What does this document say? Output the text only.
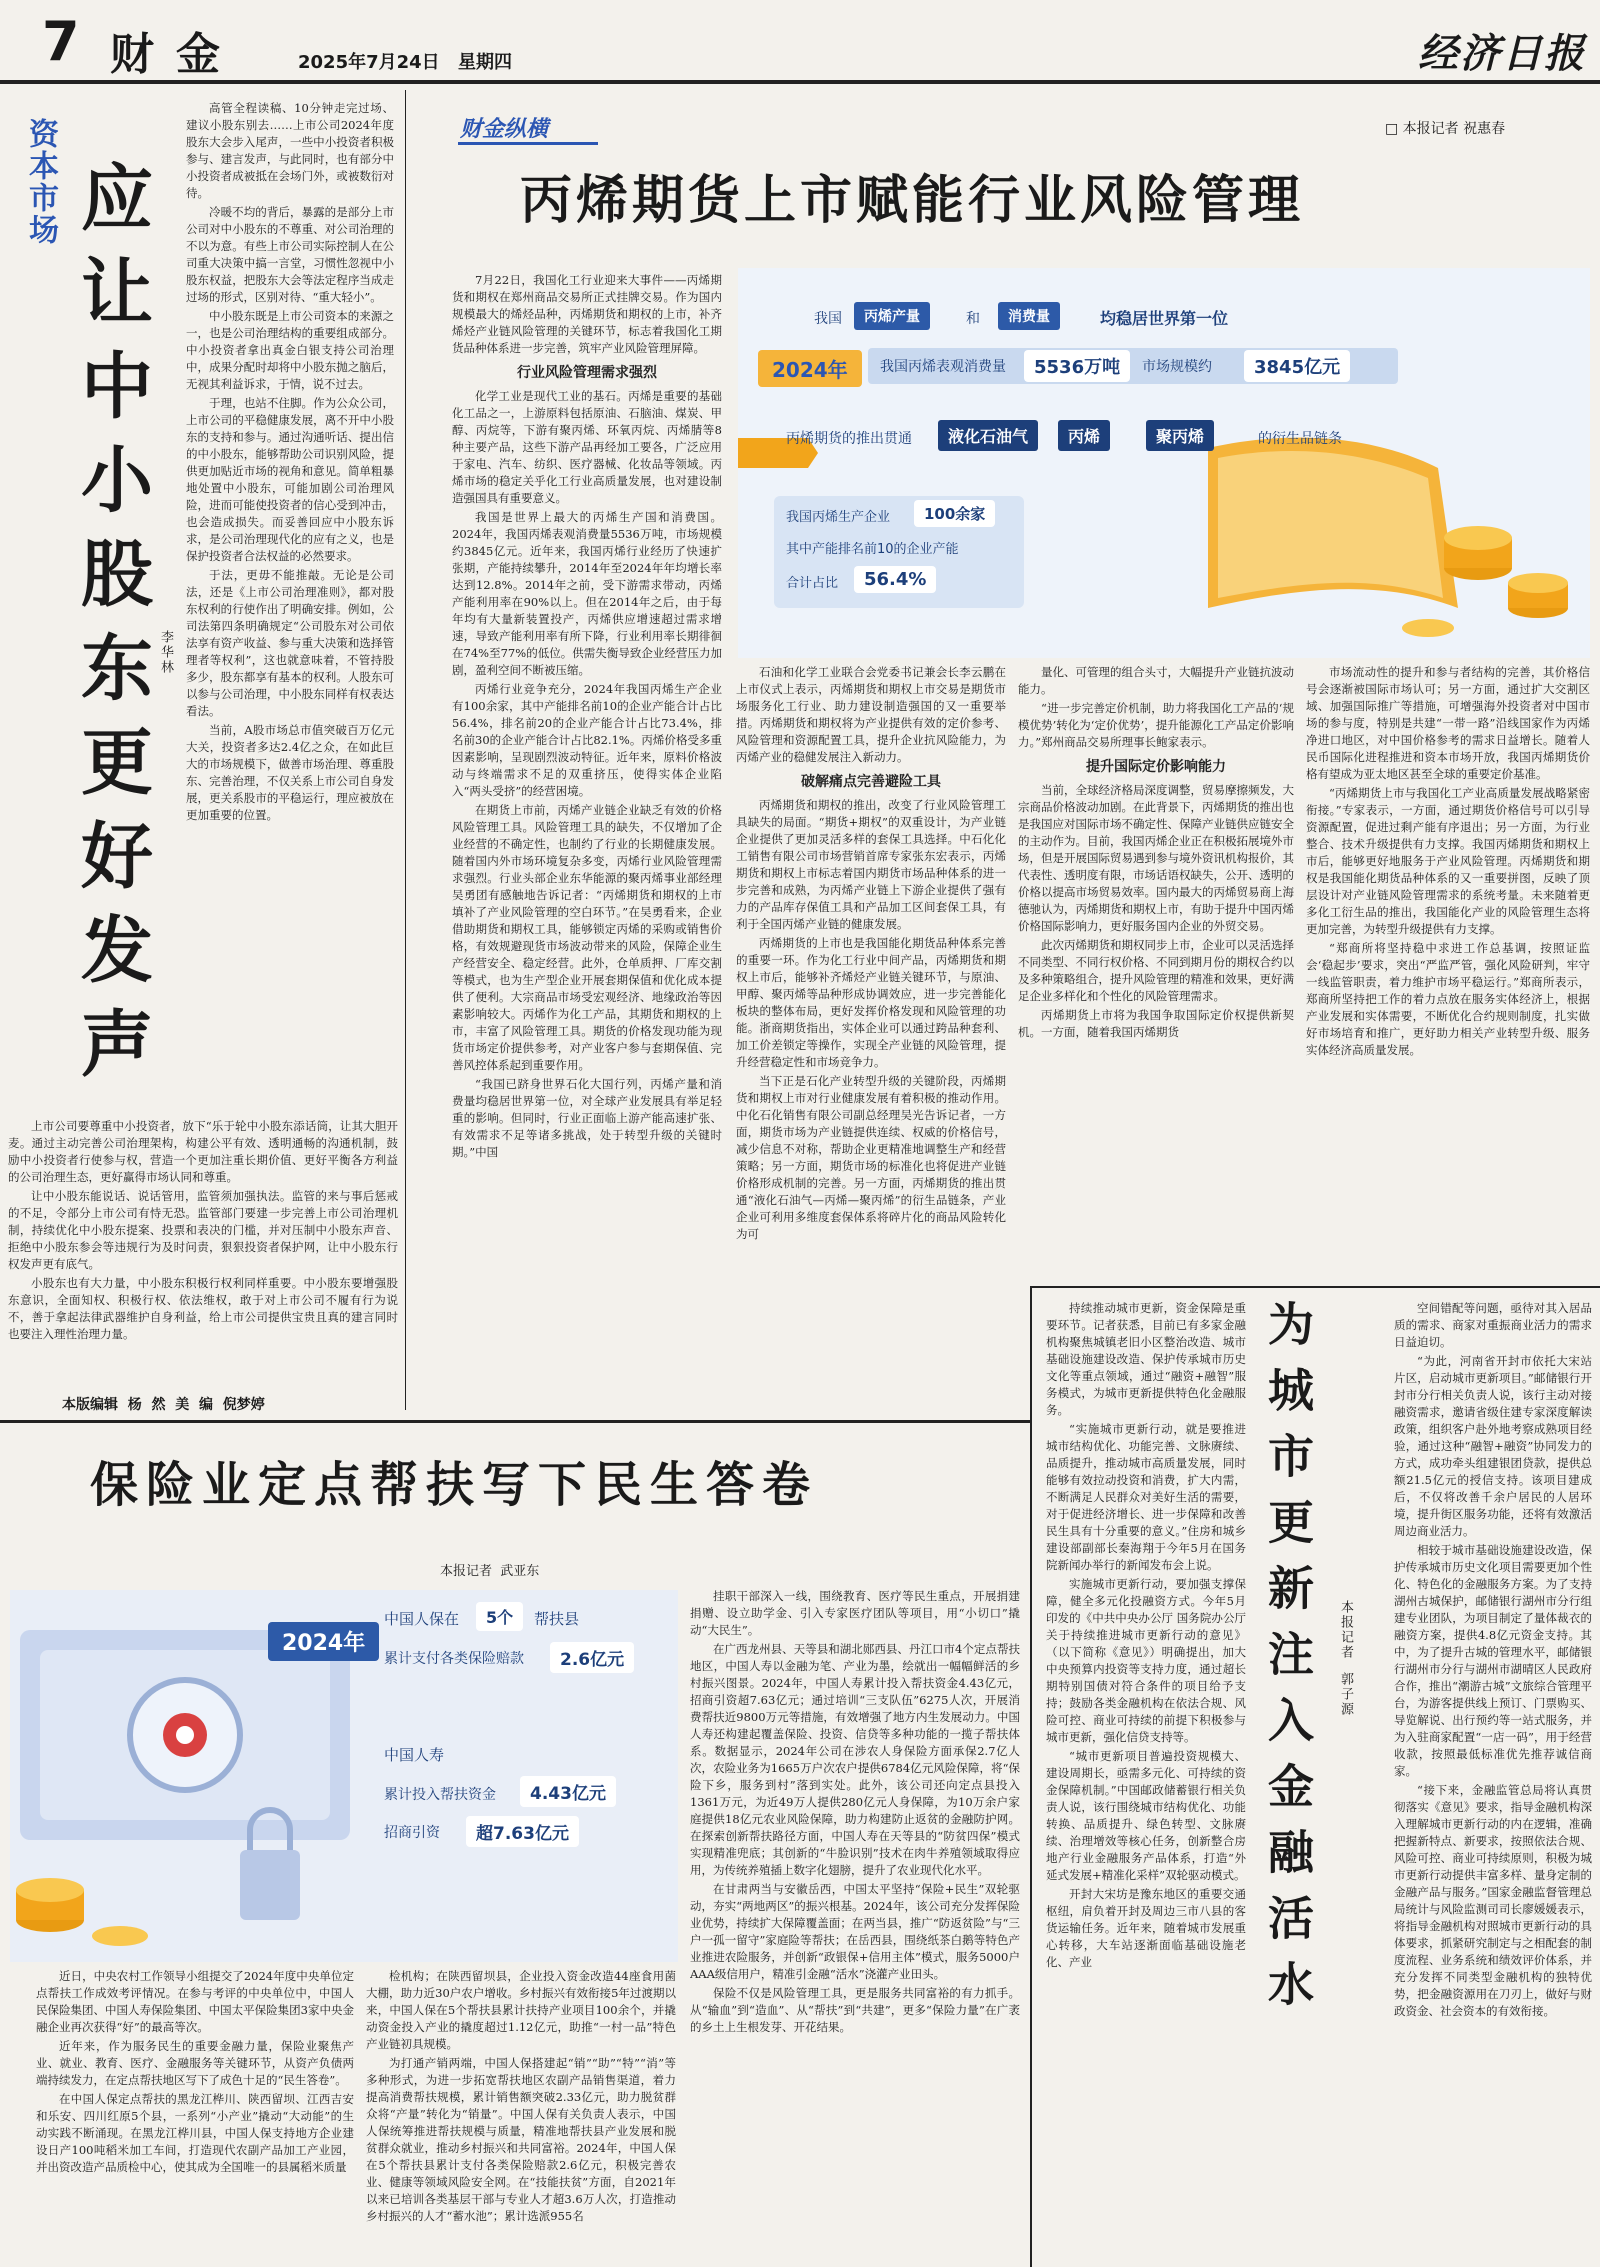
7 财金	2025年7月24日 星期四	经济日报
资本市场 应让中小股东更好发声 李华林

高管全程读稿、10分钟走完过场、建议小股东别去……上市公司2024年度股东大会步入尾声，一些中小投资者积极参与、建言发声，与此同时，也有部分中小投资者成被抵在会场门外，或被数衍对待。

冷暖不均的背后，暴露的是部分上市公司对中小股东的不尊重、对公司治理的不以为意。有些上市公司实际控制人在公司重大决策中搞一言堂，习惯性忽视中小股东权益，把股东大会等法定程序当成走过场的形式，区别对待、“重大轻小”。

中小股东既是上市公司资本的来源之一，也是公司治理结构的重要组成部分。中小投资者拿出真金白银支持公司治理中，成果分配时却将中小股东抛之脑后，无视其利益诉求，于情，说不过去。

于理，也站不住脚。作为公众公司，上市公司的平稳健康发展，离不开中小股东的支持和参与。通过沟通听话、提出信的中小股东，能够帮助公司识别风险，提供更加贴近市场的视角和意见。简单粗暴地处置中小股东，可能加剧公司治理风险，进而可能使投资者的信心受到冲击，也会造成损失。而妥善回应中小股东诉求，是公司治理现代化的应有之义，也是保护投资者合法权益的必然要求。

于法，更毋不能推敲。无论是公司法，还是《上市公司治理准则》，都对股东权利的行使作出了明确安排。例如，公司法第四条明确规定“公司股东对公司依法享有资产收益、参与重大决策和选择管理者等权利”，这也就意味着，不管持股多少，股东都享有基本的权利。人股东可以参与公司治理，中小股东同样有权表达看法。

当前，A股市场总市值突破百万亿元大关，投资者多达2.4亿之众，在如此巨大的市场规模下，做善市场治理、尊重股东、完善治理，不仅关系上市公司自身发展，更关系股市的平稳运行，理应被放在更加重要的位置。

上市公司要尊重中小投资者，放下“乐于轮中小股东添话筒，让其大胆开麦。通过主动完善公司治理架构，构建公平有效、透明通畅的沟通机制，鼓励中小投资者行使参与权，营造一个更加注重长期价值、更好平衡各方利益的公司治理生态，更好赢得市场认同和尊重。

让中小股东能说话、说话管用，监管须加强执法。监管的来与事后惩戒的不足，令部分上市公司有恃无恐。监管部门要建一步完善上市公司治理机制，持续优化中小股东提案、投票和表决的门槛，并对压制中小股东声音、拒绝中小股东参会等违规行为及时问责，狠狠投资者保护网，让中小股东行权发声更有底气。

小股东也有大力量，中小股东积极行权利同样重要。中小股东要增强股东意识，全面知权、积极行权、依法维权，敢于对上市公司不履有行为说不，善于拿起法律武器维护自身利益，给上市公司提供宝贵且真的建言同时也要注入理性治理力量。

本版编辑  杨  然  美  编  倪梦婷
财金纵横	□ 本报记者 祝惠春
丙烯期货上市赋能行业风险管理
我国	丙烯产量	和	消费量	均稳居世界第一位
2024年	我国丙烯表观消费量	5536万吨	市场规模约	3845亿元
丙烯期货的推出贯通	液化石油气	丙烯	聚丙烯	的衍生品链条
我国丙烯生产企业	100余家
其中产能排名前10的企业产能
合计占比	56.4%

7月22日，我国化工行业迎来大事件——丙烯期货和期权在郑州商品交易所正式挂牌交易。作为国内规模最大的烯烃品种，丙烯期货和期权的上市，补齐烯烃产业链风险管理的关键环节，标志着我国化工期货品种体系进一步完善，筑牢产业风险管理屏障。

行业风险管理需求强烈

化学工业是现代工业的基石。丙烯是重要的基础化工品之一，上游原料包括原油、石脑油、煤炭、甲醇、丙烷等，下游有聚丙烯、环氧丙烷、丙烯腈等8种主要产品，这些下游产品再经加工要各，广泛应用于家电、汽车、纺织、医疗器械、化妆品等领域。丙烯市场的稳定关乎化工行业高质量发展，也对建设制造强国具有重要意义。

我国是世界上最大的丙烯生产国和消费国。2024年，我国丙烯表观消费量5536万吨，市场规模约3845亿元。近年来，我国丙烯行业经历了快速扩张期，产能持续攀升，2014年至2024年年均增长率达到12.8%。2014年之前，受下游需求带动，丙烯产能利用率在90%以上。但在2014年之后，由于每年均有大量新装置投产，丙烯供应增速超过需求增速，导致产能利用率有所下降，行业利用率长期徘徊在74%至77%的低位。供需失衡导致企业经营压力加剧，盈利空间不断被压缩。

丙烯行业竞争充分，2024年我国丙烯生产企业有100余家，其中产能排名前10的企业产能合计占比56.4%，排名前20的企业产能合计占比73.4%，排名前30的企业产能合计占比82.1%。丙烯价格受多重因素影响，呈现剧烈波动特征。近年来，原料价格波动与终端需求不足的双重挤压，使得实体企业陷入“两头受挤”的经营困境。

在期货上市前，丙烯产业链企业缺乏有效的价格风险管理工具。风险管理工具的缺失，不仅增加了企业经营的不确定性，也制约了行业的长期健康发展。随着国内外市场环境复杂多变，丙烯行业风险管理需求强烈。行业头部企业东华能源的聚丙烯事业部经理吴勇团有感触地告诉记者：“丙烯期货和期权的上市填补了产业风险管理的空白环节。”在吴勇看来，企业借助期货和期权工具，能够锁定丙烯的采购或销售价格，有效规避现货市场波动带来的风险，保障企业生产经营安全、稳定经营。此外，仓单质押、厂库交割等模式，也为生产型企业开展套期保值和优化成本提供了便利。大宗商品市场受宏观经济、地缘政治等因素影响较大。丙烯作为化工产品，其期货和期权的上市，丰富了风险管理工具。期货的价格发现功能为现货市场定价提供参考，对产业客户参与套期保值、完善风控体系起到重要作用。

“我国已跻身世界石化大国行列，丙烯产量和消费量均稳居世界第一位，对全球产业发展具有举足轻重的影响。但同时，行业正面临上游产能高速扩张、有效需求不足等诸多挑战，处于转型升级的关键时期。”中国

石油和化学工业联合会党委书记兼会长李云鹏在上市仪式上表示，丙烯期货和期权上市交易是期货市场服务化工行业、助力建设制造强国的又一重要举措。丙烯期货和期权将为产业提供有效的定价参考、风险管理和资源配置工具，提升企业抗风险能力，为丙烯产业的稳健发展注入新动力。

破解痛点完善避险工具

丙烯期货和期权的推出，改变了行业风险管理工具缺失的局面。“期货+期权”的双重设计，为产业链企业提供了更加灵活多样的套保工具选择。中石化化工销售有限公司市场营销首席专家张东宏表示，丙烯期货和期权上市标志着国内期货市场品种体系的进一步完善和成熟，为丙烯产业链上下游企业提供了强有力的产品库存保值工具和产品加工区间套保工具，有利于全国丙烯产业链的健康发展。

丙烯期货的上市也是我国能化期货品种体系完善的重要一环。作为化工行业中间产品，丙烯期货和期权上市后，能够补齐烯烃产业链关键环节，与原油、甲醇、聚丙烯等品种形成协调效应，进一步完善能化板块的整体布局，更好发挥价格发现和风险管理的功能。浙商期货指出，实体企业可以通过跨品种套利、加工价差锁定等操作，实现全产业链的风险管理，提升经营稳定性和市场竞争力。

当下正是石化产业转型升级的关键阶段，丙烯期货和期权上市对行业健康发展有着积极的推动作用。中化石化销售有限公司副总经理吴光告诉记者，一方面，期货市场为产业链提供连续、权威的价格信号，减少信息不对称，帮助企业更精准地调整生产和经营策略；另一方面，期货市场的标准化也将促进产业链价格形成机制的完善。另一方面，丙烯期货的推出贯通“液化石油气—丙烯—聚丙烯”的衍生品链条，产业企业可利用多维度套保体系将碎片化的商品风险转化为可

量化、可管理的组合头寸，大幅提升产业链抗波动能力。

“进一步完善定价机制，助力将我国化工产品的‘规模优势’转化为‘定价优势’，提升能源化工产品定价影响力。”郑州商品交易所理事长鲍家表示。

提升国际定价影响能力

当前，全球经济格局深度调整，贸易摩擦频发，大宗商品价格波动加剧。在此背景下，丙烯期货的推出也是我国应对国际市场不确定性、保障产业链供应链安全的主动作为。目前，我国丙烯企业正在积极拓展境外市场，但是开展国际贸易遇到参与境外资讯机构报价，其代表性、透明度有限，市场话语权缺失，公开、透明的价格以提高市场贸易效率。国内最大的丙烯贸易商上海德驰认为，丙烯期货和期权上市，有助于提升中国丙烯价格国际影响力，更好服务国内企业的外贸交易。

此次丙烯期货和期权同步上市，企业可以灵活选择不同类型、不同行权价格、不同到期月份的期权合约以及多种策略组合，提升风险管理的精准和效果，更好满足企业多样化和个性化的风险管理需求。

丙烯期货上市将为我国争取国际定价权提供新契机。一方面，随着我国丙烯期货

市场流动性的提升和参与者结构的完善，其价格信号会逐渐被国际市场认可；另一方面，通过扩大交割区域、加强国际推广等措施，可增强海外投资者对中国市场的参与度，特别是共建“一带一路”沿线国家作为丙烯净进口地区，对中国价格参考的需求日益增长。随着人民币国际化进程推进和资本市场开放，我国丙烯期货价格有望成为亚太地区甚至全球的重要定价基准。

“丙烯期货上市与我国化工产业高质量发展战略紧密衔接。”专家表示，一方面，通过期货价格信号可以引导资源配置，促进过剩产能有序退出；另一方面，为行业整合、技术升级提供有力支撑。我国丙烯期货和期权上市后，能够更好地服务于产业风险管理。丙烯期货和期权是我国能化期货品种体系的又一重要拼图，反映了顶层设计对产业链风险管理需求的系统考量。未来随着更多化工衍生品的推出，我国能化产业的风险管理生态将更加完善，为转型升级提供有力支撑。

“郑商所将坚持稳中求进工作总基调，按照证监会‘稳起步’要求，突出“严监严管，强化风险研判，牢守一线监管职责，着力维护市场平稳运行。”郑商所表示，郑商所坚持把工作的着力点放在服务实体经济上，根据产业发展和实体需要，不断优化合约规则制度，扎实做好市场培育和推广，更好助力相关产业转型升级、服务实体经济高质量发展。

保险业定点帮扶写下民生答卷
本报记者  武亚东
2024年
中国人保在	5个	帮扶县
累计支付各类保险赔款	2.6亿元
中国人寿
累计投入帮扶资金	4.43亿元
招商引资	超7.63亿元

近日，中央农村工作领导小组提交了2024年度中央单位定点帮扶工作成效考评情况。在参与考评的中央单位中，中国人民保险集团、中国人寿保险集团、中国太平保险集团3家中央金融企业再次获得“好”的最高等次。

近年来，作为服务民生的重要金融力量，保险业聚焦产业、就业、教育、医疗、金融服务等关键环节，从资产负债两端持续发力，在定点帮扶地区写下了成色十足的“民生答卷”。

在中国人保定点帮扶的黑龙江桦川、陕西留坝、江西吉安和乐安、四川红原5个县，一系列“小产业”撬动“大动能”的生动实践不断涌现。在黑龙江桦川县，中国人保支持地方企业建设日产100吨稻米加工车间，打造现代农副产品加工产业园，并出资改造产品质检中心，使其成为全国唯一的县属稻米质量

检机构；在陕西留坝县，企业投入资金改造44座食用菌大棚，助力近30户农户增收。乡村振兴有效衔接5年过渡期以来，中国人保在5个帮扶县累计扶持产业项目100余个，并撬动资金投入产业的撬度超过1.12亿元，助推“一村一品”特色产业链初具规模。

为打通产销两端，中国人保搭建起“销”“助”“特”“消”等多种形式，为进一步拓宽帮扶地区农副产品销售渠道，着力提高消费帮扶规模，累计销售额突破2.33亿元，助力脱贫群众将“产量”转化为“销量”。中国人保有关负责人表示，中国人保统筹推进帮扶规模与质量，精准地帮扶县产业发展和脱贫群众就业，推动乡村振兴和共同富裕。2024年，中国人保在5个帮扶县累计支付各类保险赔款2.6亿元，积极完善农业、健康等领域风险安全网。在“技能扶贫”方面，自2021年以来已培训各类基层干部与专业人才超3.6万人次，打造推动乡村振兴的人才“蓄水池”；累计选派955名

挂职干部深入一线，围绕教育、医疗等民生重点，开展捐建捐赠、设立助学金、引入专家医疗团队等项目，用“小切口”撬动“大民生”。

在广西龙州县、天等县和湖北郧西县、丹江口市4个定点帮扶地区，中国人寿以金融为笔、产业为墨，绘就出一幅幅鲜活的乡村振兴图景。2024年，中国人寿累计投入帮扶资金4.43亿元，招商引资超7.63亿元；通过培训“三支队伍”6275人次，开展消费帮扶近9800万元等措施，有效增强了地方内生发展动力。中国人寿还构建起覆盖保险、投资、信贷等多种功能的一揽子帮扶体系。数据显示，2024年公司在涉农人身保险方面承保2.7亿人次，农险业务为1665万户次农户提供6784亿元风险保障，将“保险下乡，服务到村”落到实处。此外，该公司还向定点县投入1361万元，为近49万人提供280亿元人身保障，为10万余户家庭提供18亿元农业风险保障，助力构建防止返贫的金融防护网。在探索创新帮扶路径方面，中国人寿在天等县的“防贫四保”模式实现精准兜底；其创新的“牛脸识别”技术在肉牛养殖领域取得应用，为传统养殖插上数字化翅膀，提升了农业现代化水平。

在甘肃两当与安徽岳西，中国太平坚持“保险+民生”双轮驱动，夯实“两地两区”的振兴根基。2024年，该公司充分发挥保险业优势，持续扩大保障覆盖面；在两当县，推广“防返贫险”与“三户一孤一留守”家庭险等帮扶；在岳西县，围绕纸茶白鹅等特色产业推进农险服务，并创新“政银保+信用主体”模式，服务5000户AAA级信用户，精准引金融“活水”浇灌产业田头。

保险不仅是风险管理工具，更是服务共同富裕的有力抓手。从“输血”到“造血”、从“帮扶”到“共建”，更多“保险力量”在广袤的乡土上生根发芽、开花结果。

为城市更新注入金融活水 本报记者  郭子源

持续推动城市更新，资金保障是重要环节。记者获悉，目前已有多家金融机构聚焦城镇老旧小区整治改造、城市基础设施建设改造、保护传承城市历史文化等重点领域，通过“融资+融智”服务模式，为城市更新提供特色化金融服务。

“实施城市更新行动，就是要推进城市结构优化、功能完善、文脉赓续、品质提升，推动城市高质量发展，同时能够有效拉动投资和消费，扩大内需，不断满足人民群众对美好生活的需要，对于促进经济增长、进一步保障和改善民生具有十分重要的意义。”住房和城乡建设部副部长秦海翔于今年5月在国务院新闻办举行的新闻发布会上说。

实施城市更新行动，要加强支撑保障，健全多元化投融资方式。今年5月印发的《中共中央办公厅 国务院办公厅关于持续推进城市更新行动的意见》（以下简称《意见》）明确提出，加大中央预算内投资等支持力度，通过超长期特别国债对符合条件的项目给予支持；鼓励各类金融机构在依法合规、风险可控、商业可持续的前提下积极参与城市更新，强化信贷支持等。

“城市更新项目普遍投资规模大、建设周期长，亟需多元化、可持续的资金保障机制。”中国邮政储蓄银行相关负责人说，该行围绕城市结构优化、功能转换、品质提升、绿色转型、文脉赓续、治理增效等核心任务，创新整合房地产行业金融服务产品体系，打造“外延式发展+精准化采样”双轮驱动模式。

开封大宋坊是豫东地区的重要交通枢纽，肩负着开封及周边三市八县的客货运输任务。近年来，随着城市发展重心转移，大车站逐渐面临基础设施老化、产业

空间错配等问题，亟待对其入居品质的需求、商家对重振商业活力的需求日益迫切。

“为此，河南省开封市依托大宋站片区，启动城市更新项目。”邮储银行开封市分行相关负责人说，该行主动对接融资需求，邀请省级住建专家深度解读政策，组织客户赴外地考察成熟项目经验，通过这种“融智+融资”协同发力的方式，成功牵头组建银团贷款，提供总额21.5亿元的授信支持。该项目建成后，不仅将改善千余户居民的人居环境，提升街区服务功能，还将有效激活周边商业活力。

相较于城市基础设施建设改造，保护传承城市历史文化项目需要更加个性化、特色化的金融服务方案。为了支持湖州古城保护，邮储银行湖州市分行组建专业团队，为项目制定了量体裁衣的融资方案，提供4.8亿元资金支持。其中，为了提升古城的管理水平，邮储银行湖州市分行与湖州市湖晴区人民政府合作，推出“潮游古城”文旅综合管理平台，为游客提供线上预订、门票购买、导览解说、出行预约等一站式服务，并为入驻商家配置“一店一码”，用于经营收款，按照最低标准优先推荐诚信商家。

“接下来，金融监管总局将认真贯彻落实《意见》要求，指导金融机构深入理解城市更新行动的内在逻辑，准确把握新特点、新要求，按照依法合规、风险可控、商业可持续原则，积极为城市更新行动提供丰富多样、量身定制的金融产品与服务。”国家金融监督管理总局统计与风险监测司司长廖媛媛表示，将指导金融机构对照城市更新行动的具体要求，抓紧研究制定与之相配套的制度流程、业务系统和绩效评价体系，并充分发挥不同类型金融机构的独特优势，把金融资源用在刀刃上，做好与财政资金、社会资本的有效衔接。
